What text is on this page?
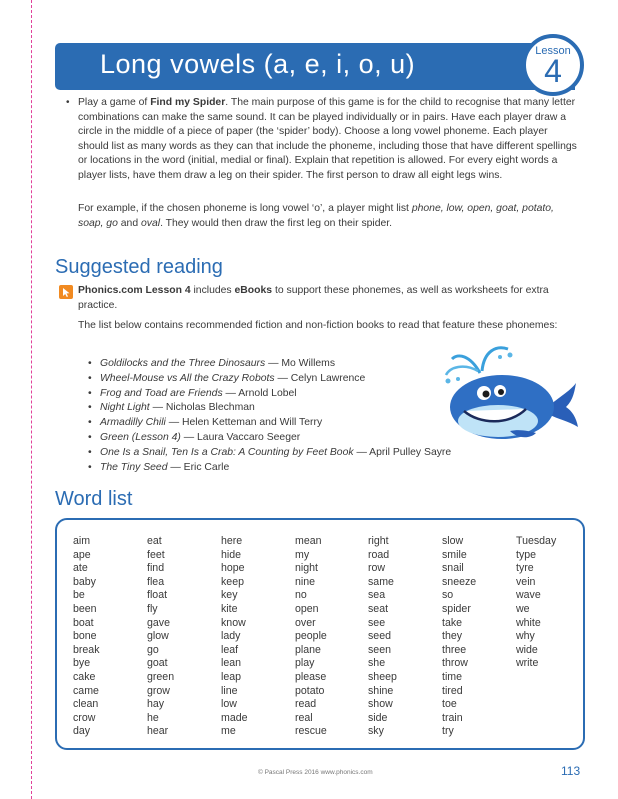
Long vowels (a, e, i, o, u)	Lesson
4
• Play a game of Find my Spider. The main purpose of this game is for the child to recognise that many letter combinations can make the same sound. It can be played individually or in pairs. Have each player draw a circle in the middle of a piece of paper (the ‘spider’ body). Choose a long vowel phoneme. Each player should list as many words as they can that include the phoneme, including those that have different spellings or locations in the word (initial, medial or final). Explain that repetition is allowed. For every eight words a player lists, have them draw a leg on their spider. The first person to draw all eight legs wins.
For example, if the chosen phoneme is long vowel ‘o’, a player might list phone, low, open, goat, potato, soap, go and oval. They would then draw the first leg on their spider.
Suggested reading
Phonics.com Lesson 4 includes eBooks to support these phonemes, as well as worksheets for extra practice.
The list below contains recommended fiction and non-fiction books to read that feature these phonemes:
• Goldilocks and the Three Dinosaurs — Mo Willems
• Wheel-Mouse vs All the Crazy Robots — Celyn Lawrence
• Frog and Toad are Friends — Arnold Lobel
• Night Light — Nicholas Blechman
• Armadilly Chili — Helen Ketteman and Will Terry
• Green (Lesson 4) — Laura Vaccaro Seeger
• One Is a Snail, Ten Is a Crab: A Counting by Feet Book — April Pulley Sayre
• The Tiny Seed — Eric Carle
Word list
aim
ape
ate
baby
be
been
boat
bone
break
bye
cake
came
clean
crow
day
eat
feet
find
flea
float
fly
gave
glow
go
goat
green
grow
hay
he
hear
here
hide
hope
keep
key
kite
know
lady
leaf
lean
leap
line
low
made
me
mean
my
night
nine
no
open
over
people
plane
play
please
potato
read
real
rescue
right
road
row
same
sea
seat
see
seed
seen
she
sheep
shine
show
side
sky
slow
smile
snail
sneeze
so
spider
take
they
three
throw
time
tired
toe
train
try
Tuesday
type
tyre
vein
wave
we
white
why
wide
write
© Pascal Press 2016 www.phonics.com	113
